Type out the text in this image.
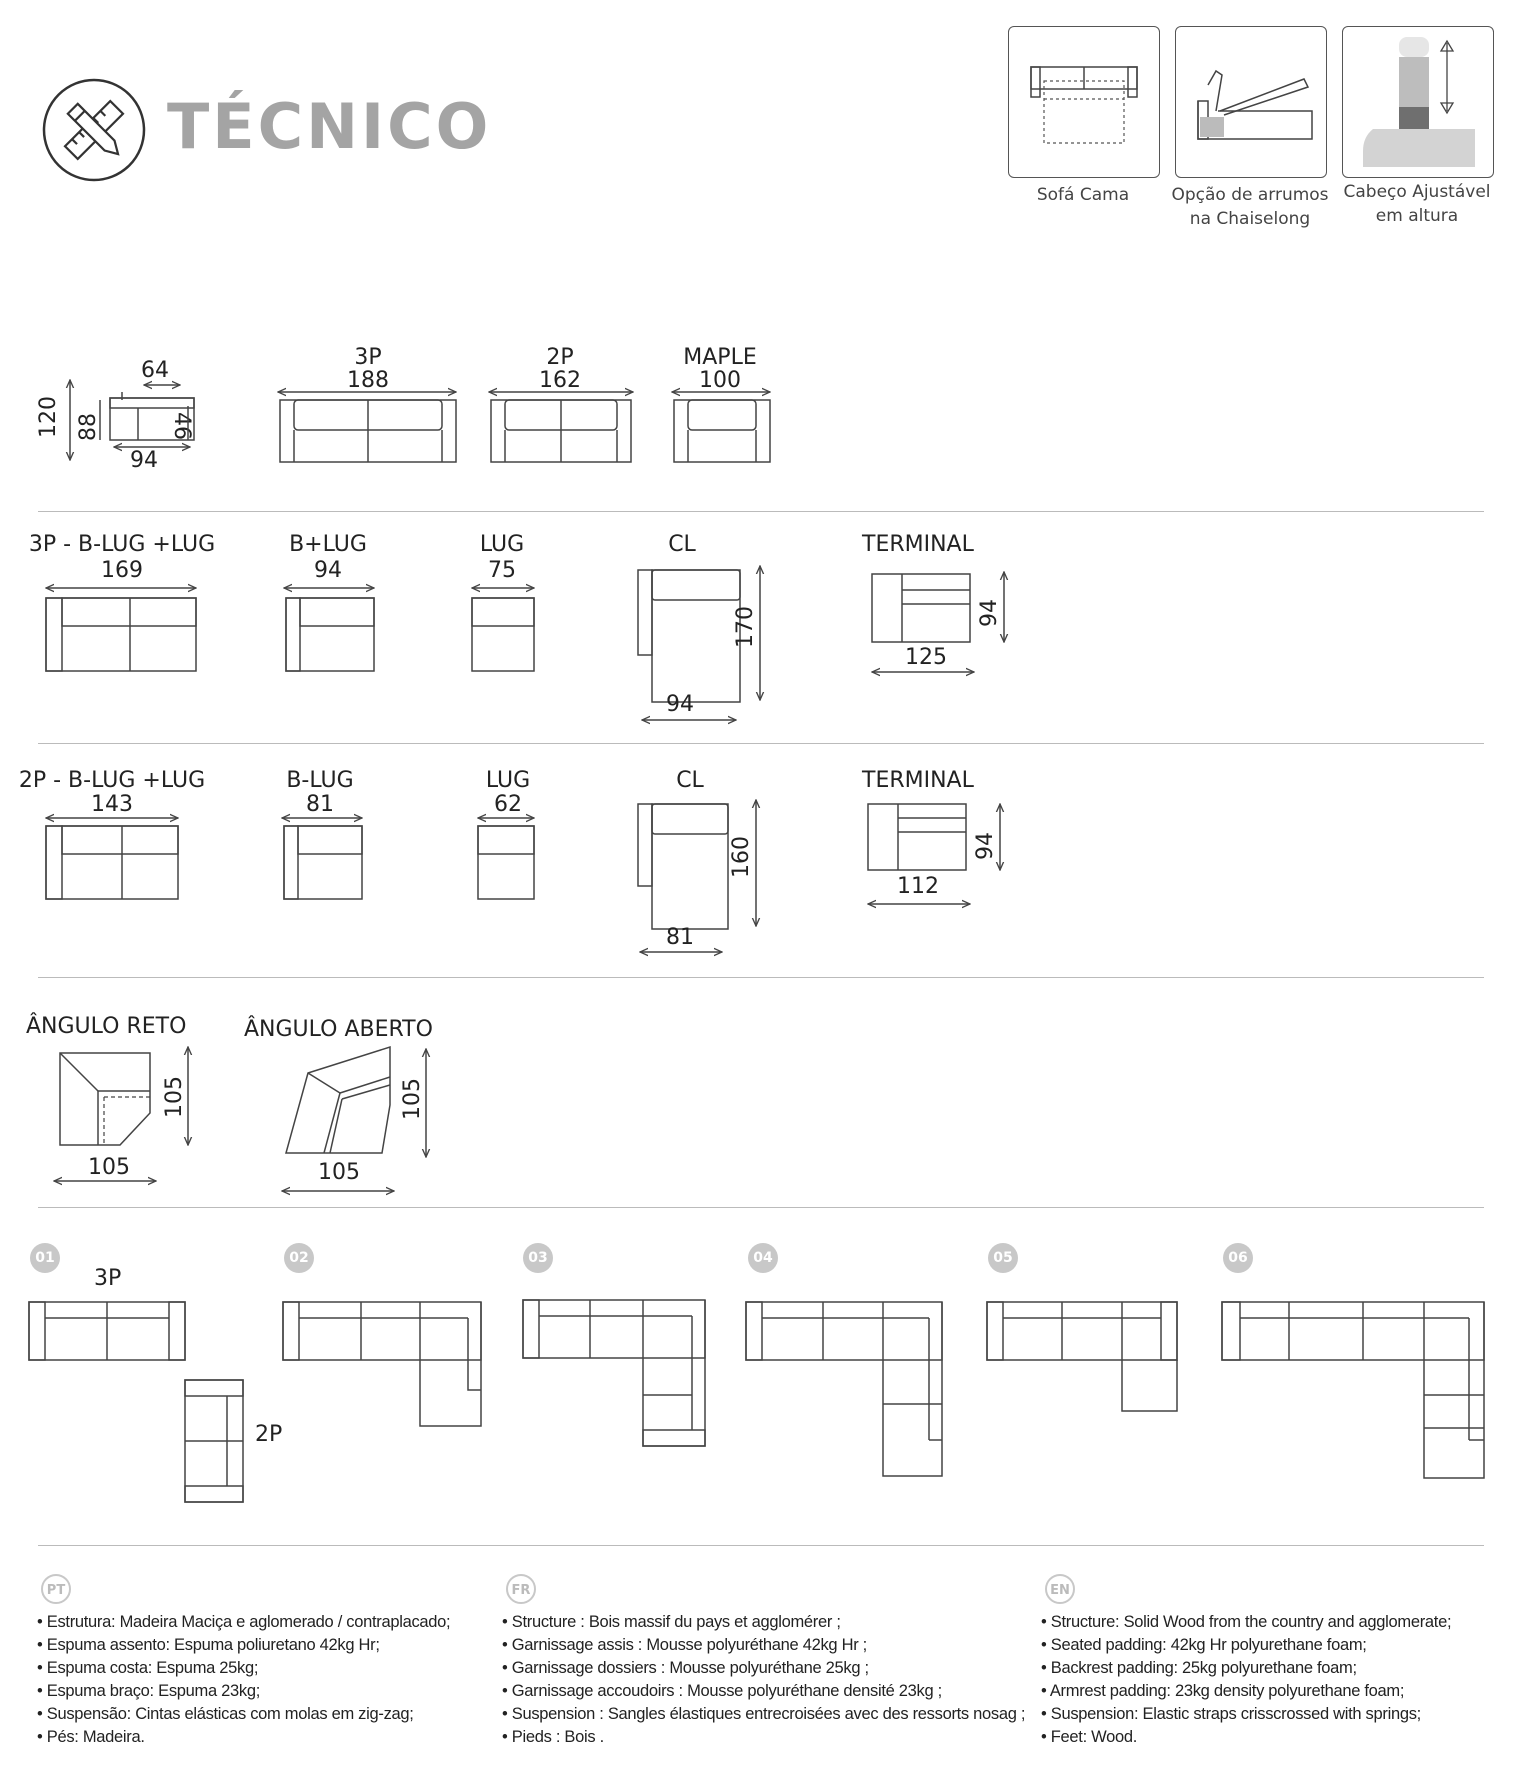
TÉCNICO
Sofá Cama	Opção de arrumos na Chaiselong
Cabeço Ajustável em altura
64
120 88	46
94
3P
188
2P
162
MAPLE
100
3P - B-LUG +LUG
169
B+LUG
94
LUG
75
CL
170
94
TERMINAL
94
125
2P - B-LUG +LUG
143
B-LUG
81
LUG
62
CL
160
81
TERMINAL
94
112
ÂNGULO RETO
105
105
ÂNGULO ABERTO
105
105
01	02	03	04	05	06
3P
2P
PT
• Estrutura: Madeira Maciça e aglomerado / contraplacado;
• Espuma assento: Espuma poliuretano 42kg Hr;
• Espuma costa: Espuma 25kg;
• Espuma braço: Espuma 23kg;
• Suspensão: Cintas elásticas com molas em zig-zag;
• Pés: Madeira.
FR
• Structure : Bois massif du pays et agglomérer ;
• Garnissage assis : Mousse polyuréthane 42kg Hr ;
• Garnissage dossiers : Mousse polyuréthane 25kg ;
• Garnissage accoudoirs : Mousse polyuréthane densité 23kg ;
• Suspension : Sangles élastiques entrecroisées avec des ressorts nosag ;
• Pieds : Bois .
EN
• Structure: Solid Wood from the country and agglomerate;
• Seated padding: 42kg Hr polyurethane foam;
• Backrest padding: 25kg polyurethane foam;
• Armrest padding: 23kg density polyurethane foam;
• Suspension: Elastic straps crisscrossed with springs;
• Feet: Wood.
